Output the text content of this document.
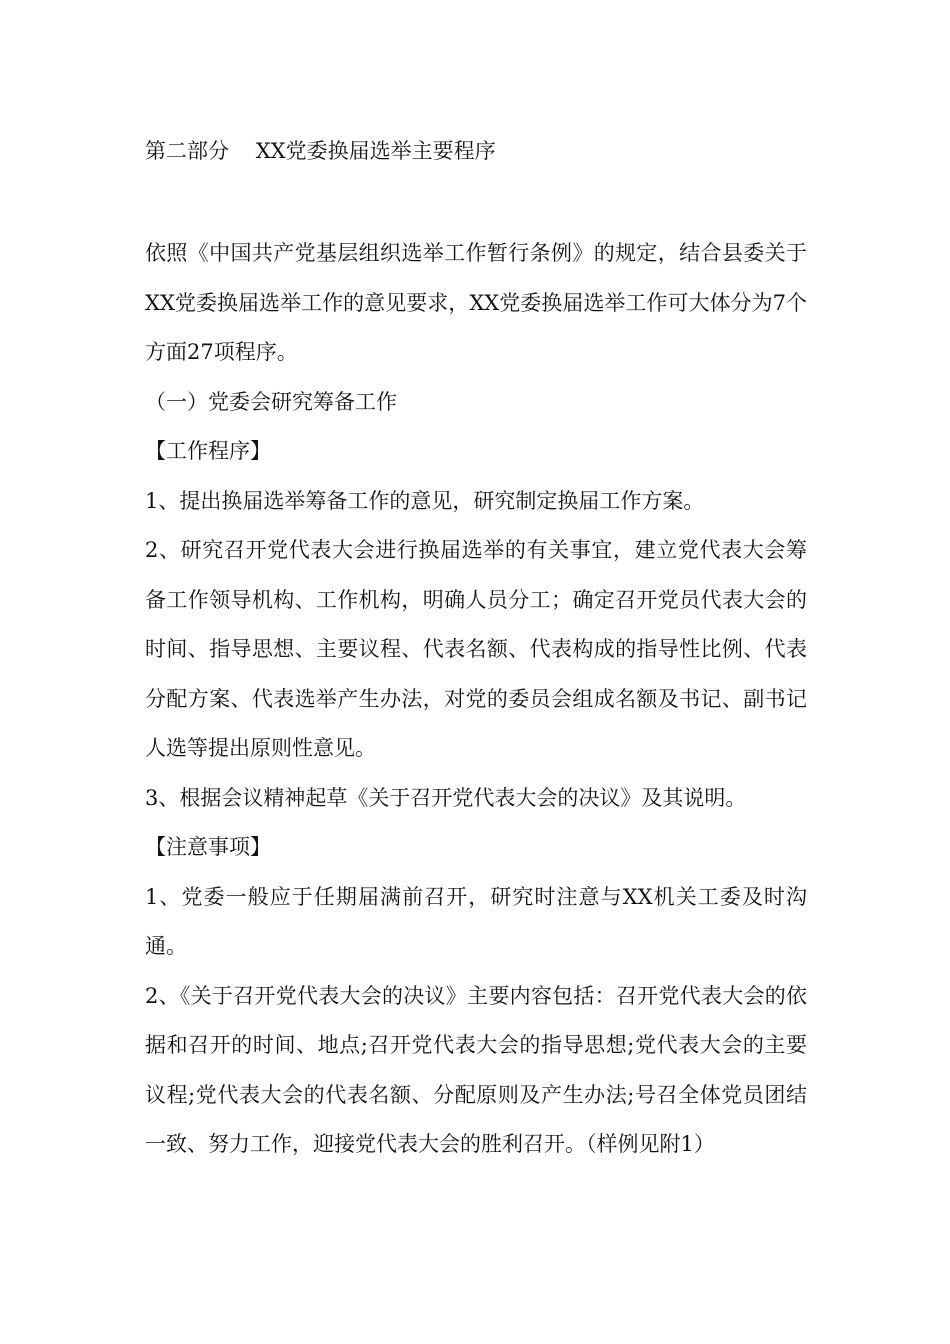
第二部分    XX党委换届选举主要程序

依照《中国共产党基层组织选举工作暂行条例》的规定，结合县委关于XX党委换届选举工作的意见要求，XX党委换届选举工作可大体分为7个方面27项程序。

（一）党委会研究筹备工作

【工作程序】

1、提出换届选举筹备工作的意见，研究制定换届工作方案。

2、研究召开党代表大会进行换届选举的有关事宜，建立党代表大会筹备工作领导机构、工作机构，明确人员分工；确定召开党员代表大会的时间、指导思想、主要议程、代表名额、代表构成的指导性比例、代表分配方案、代表选举产生办法，对党的委员会组成名额及书记、副书记人选等提出原则性意见。

3、根据会议精神起草《关于召开党代表大会的决议》及其说明。

【注意事项】

1、党委一般应于任期届满前召开，研究时注意与XX机关工委及时沟通。

2、《关于召开党代表大会的决议》主要内容包括：召开党代表大会的依据和召开的时间、地点;召开党代表大会的指导思想;党代表大会的主要议程;党代表大会的代表名额、分配原则及产生办法;号召全体党员团结一致、努力工作，迎接党代表大会的胜利召开。（样例见附1）
